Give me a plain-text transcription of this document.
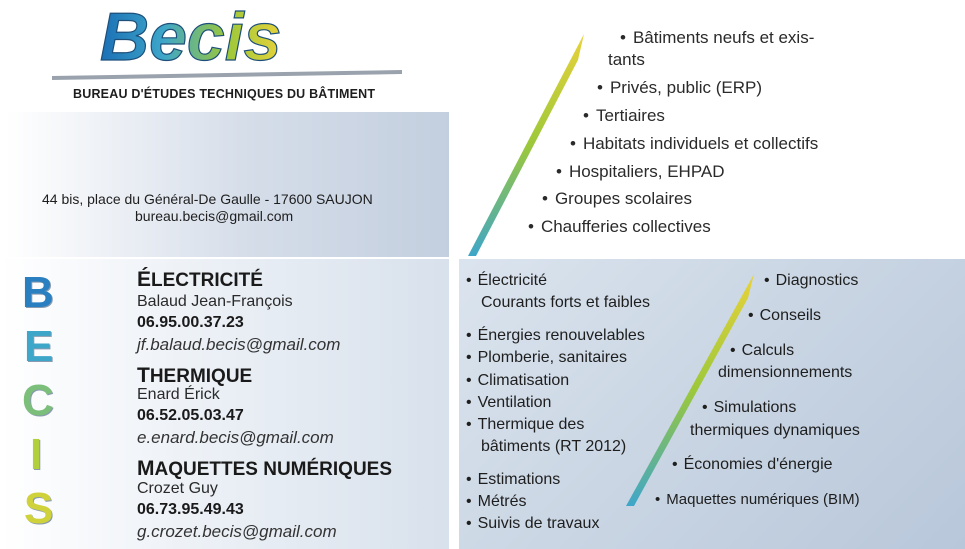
Becis
BUREAU D'ÉTUDES TECHNIQUES DU BÂTIMENT
44 bis, place du Général-De Gaulle - 17600 SAUJON
bureau.becis@gmail.com
• Bâtiments neufs et exis-
tants
• Privés, public (ERP)
• Tertiaires
• Habitats individuels et collectifs
• Hospitaliers, EHPAD
• Groupes scolaires
• Chaufferies collectives
B
E
C
I
S
ÉLECTRICITÉ
Balaud Jean-François
06.95.00.37.23
jf.balaud.becis@gmail.com
THERMIQUE
Enard Érick
06.52.05.03.47
e.enard.becis@gmail.com
MAQUETTES NUMÉRIQUES
Crozet Guy
06.73.95.49.43
g.crozet.becis@gmail.com
• Électricité
Courants forts et faibles
• Énergies renouvelables
• Plomberie, sanitaires
• Climatisation
• Ventilation
• Thermique des
bâtiments (RT 2012)
• Estimations
• Métrés
• Suivis de travaux
• Diagnostics
• Conseils
• Calculs
dimensionnements
• Simulations
thermiques dynamiques
• Économies d'énergie
• Maquettes numériques (BIM)
